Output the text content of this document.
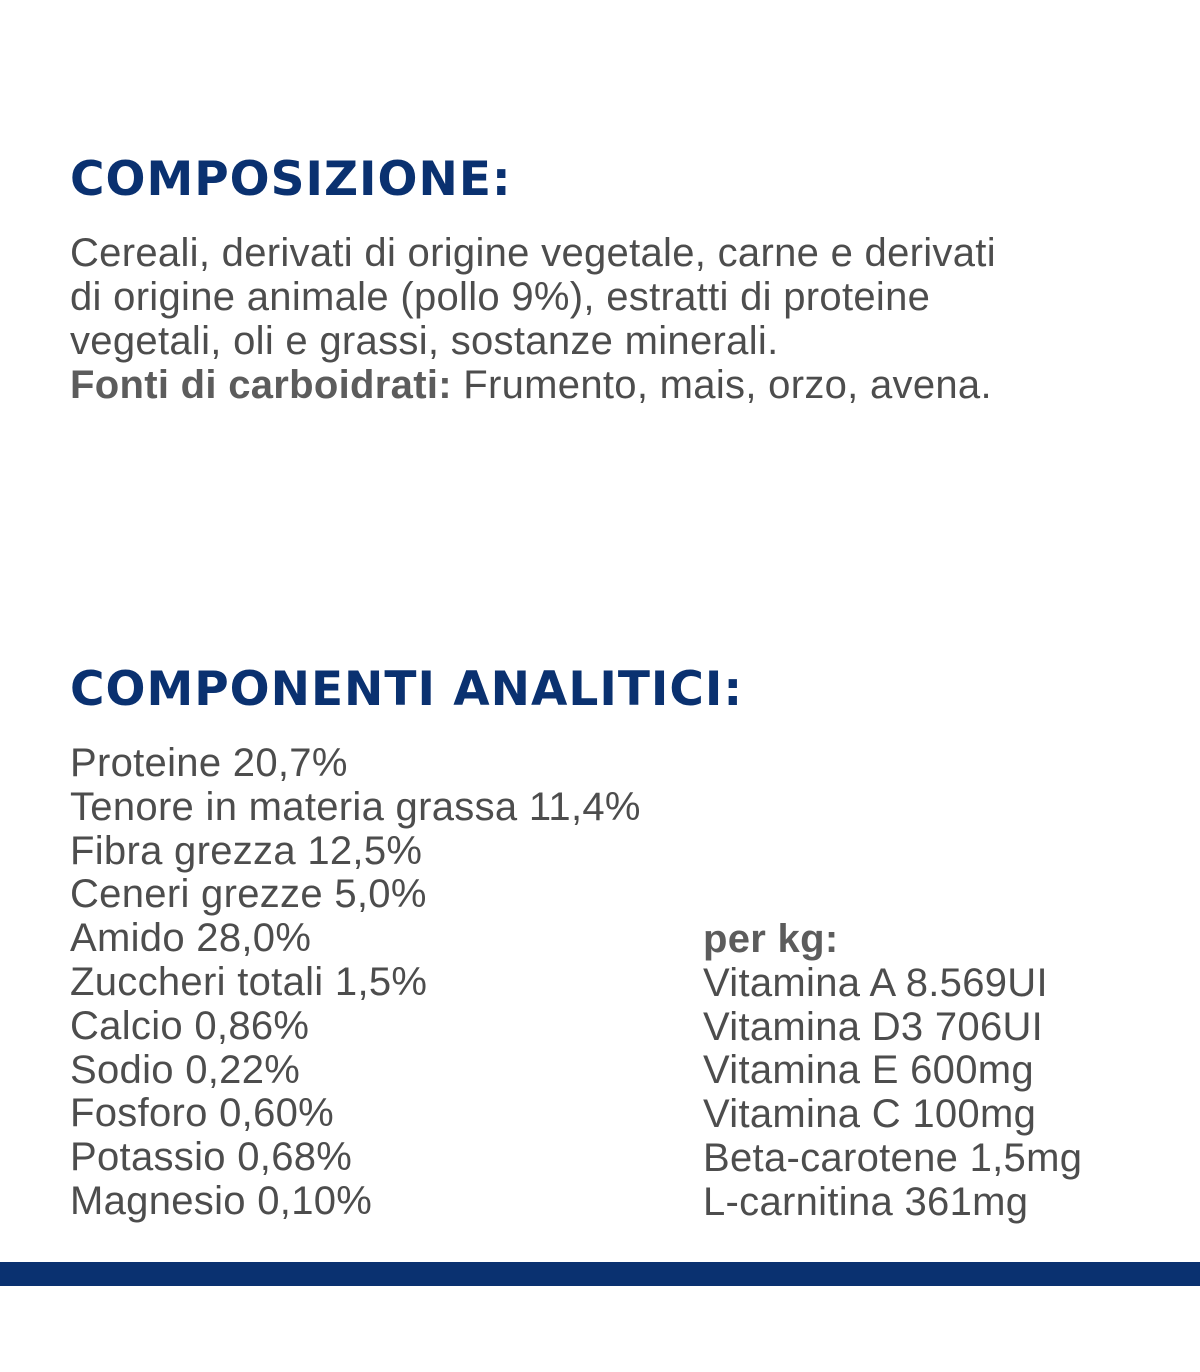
COMPOSIZIONE:

Cereali, derivati di origine vegetale, carne e derivati
di origine animale (pollo 9%), estratti di proteine
vegetali, oli e grassi, sostanze minerali.
Fonti di carboidrati: Frumento, mais, orzo, avena.

COMPONENTI ANALITICI:
Proteine 20,7%
Tenore in materia grassa 11,4%
Fibra grezza 12,5%
Ceneri grezze 5,0%
Amido 28,0%
Zuccheri totali 1,5%
Calcio 0,86%
Sodio 0,22%
Fosforo 0,60%
Potassio 0,68%
Magnesio 0,10%
per kg:
Vitamina A 8.569UI
Vitamina D3 706UI
Vitamina E 600mg
Vitamina C 100mg
Beta-carotene 1,5mg
L-carnitina 361mg
